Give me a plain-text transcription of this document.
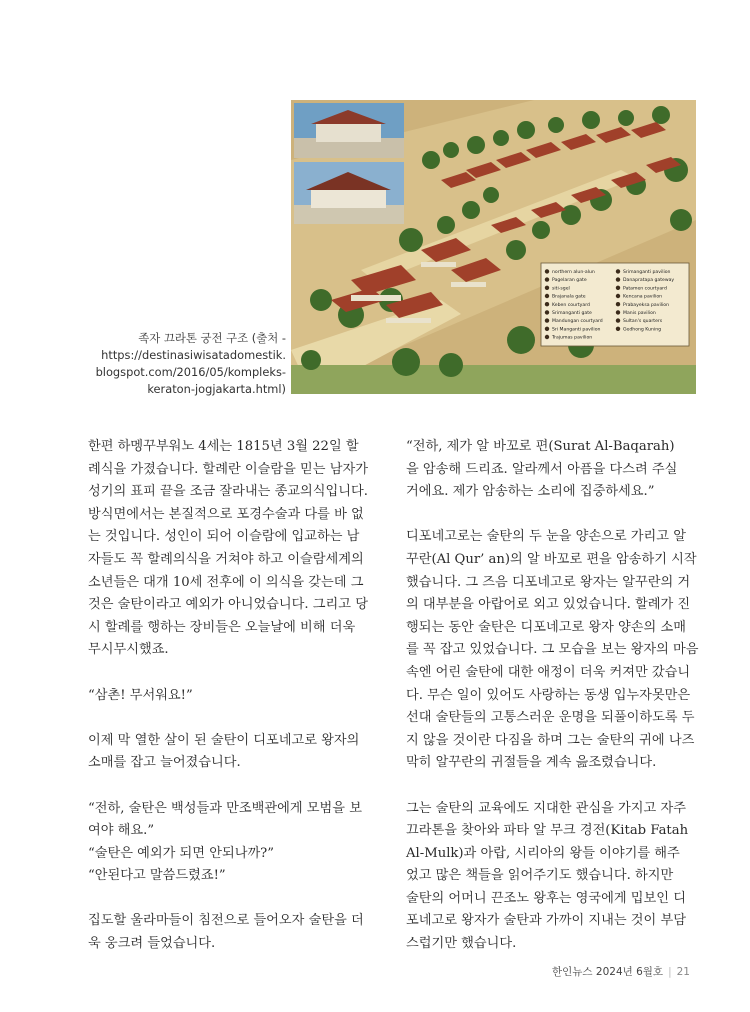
northern alun-alun
Pagelaran gate
siti-sgel
Brajanala gate
Keben courtyard
Srimanganti gate
Mandungan courtyard
Sri Manganti pavilion
Trajumas pavilion
Srimanganti pavilion
Danapratapa gateway
Patamen courtyard
Kencana pavilion
Prabayeksa pavilion
Manis pavilion
Sultan's quarters
Gedhong Kuning
족자 끄라톤 궁전 구조 (출처 -
https://destinasiwisatadomestik.
blogspot.com/2016/05/kompleks-
keraton-jogjakarta.html)

한편 하멩꾸부워노 4세는 1815년 3월 22일 할
례식을 가졌습니다. 할례란 이슬람을 믿는 남자가
성기의 표피 끝을 조금 잘라내는 종교의식입니다.
방식면에서는 본질적으로 포경수술과 다를 바 없
는 것입니다. 성인이 되어 이슬람에 입교하는 남
자들도 꼭 할례의식을 거쳐야 하고 이슬람세계의
소년들은 대개 10세 전후에 이 의식을 갖는데 그
것은 술탄이라고 예외가 아니었습니다. 그리고 당
시 할례를 행하는 장비들은 오늘날에 비해 더욱
무시무시했죠.

“삼촌! 무서워요!”

이제 막 열한 살이 된 술탄이 디포네고로 왕자의
소매를 잡고 늘어졌습니다.

“전하, 술탄은 백성들과 만조백관에게 모범을 보
여야 해요.”
“술탄은 예외가 되면 안되나까?”
“안된다고 말씀드렸죠!”

집도할 울라마들이 침전으로 들어오자 술탄을 더
욱 웅크려 들었습니다.

“전하, 제가 알 바꼬로 편(Surat Al-Baqarah)
을 암송해 드리죠. 알라께서 아픔을 다스려 주실
거에요. 제가 암송하는 소리에 집중하세요.”

디포네고로는 술탄의 두 눈을 양손으로 가리고 알
꾸란(Al Qur’ an)의 알 바꼬로 편을 암송하기 시작
했습니다. 그 즈음 디포네고로 왕자는 알꾸란의 거
의 대부분을 아랍어로 외고 있었습니다. 할례가 진
행되는 동안 술탄은 디포네고로 왕자 양손의 소매
를 꼭 잡고 있었습니다. 그 모습을 보는 왕자의 마음
속엔 어린 술탄에 대한 애정이 더욱 커져만 갔습니
다. 무슨 일이 있어도 사랑하는 동생 입누자못만은
선대 술탄들의 고통스러운 운명을 되풀이하도록 두
지 않을 것이란 다짐을 하며 그는 술탄의 귀에 나즈
막히 알꾸란의 귀절들을 계속 읊조렸습니다.

그는 술탄의 교육에도 지대한 관심을 가지고 자주
끄라톤을 찾아와 파타 알 무크 경전(Kitab Fatah
Al-Mulk)과 아랍, 시리아의 왕들 이야기를 해주
었고 많은 책들을 읽어주기도 했습니다. 하지만
술탄의 어머니 끈조노 왕후는 영국에게 밉보인 디
포네고로 왕자가 술탄과 가까이 지내는 것이 부담
스럽기만 했습니다.

한인뉴스 2024년 6월호 | 21
